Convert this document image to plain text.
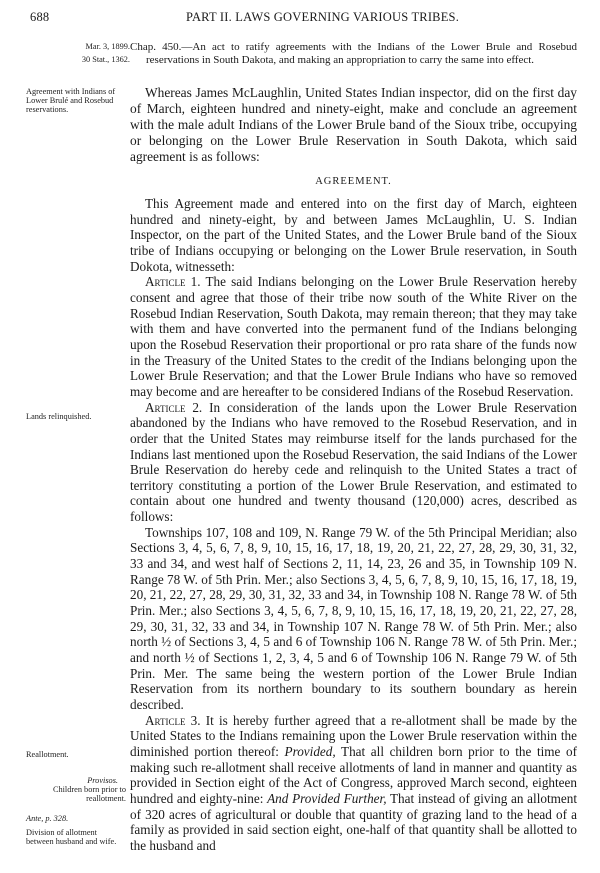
688	PART II. LAWS GOVERNING VARIOUS TRIBES.
Mar. 3, 1899.
30 Stat., 1362.
Agreement with Indians of Lower Brulé and Rosebud reservations.
Lands relinquished.
Reallotment.
Provisos.
Children born prior to reallotment.
Ante, p. 328.
Division of allotment between husband and wife.

Chap. 450.—An act to ratify agreements with the Indians of the Lower Brule and Rosebud reservations in South Dakota, and making an appropriation to carry the same into effect.

Whereas James McLaughlin, United States Indian inspector, did on the first day of March, eighteen hundred and ninety-eight, make and conclude an agreement with the male adult Indians of the Lower Brule band of the Sioux tribe, occupying or belonging on the Lower Brule Reservation in South Dakota, which said agreement is as follows:

AGREEMENT.

This Agreement made and entered into on the first day of March, eighteen hundred and ninety-eight, by and between James McLaughlin, U. S. Indian Inspector, on the part of the United States, and the Lower Brule band of the Sioux tribe of Indians occupying or belonging on the Lower Brule reservation, in South Dokota, witnesseth:

Article 1. The said Indians belonging on the Lower Brule Reservation hereby consent and agree that those of their tribe now south of the White River on the Rosebud Indian Reservation, South Dakota, may remain thereon; that they may take with them and have converted into the permanent fund of the Indians belonging upon the Rosebud Reservation their proportional or pro rata share of the funds now in the Treasury of the United States to the credit of the Indians belonging upon the Lower Brule Reservation; and that the Lower Brule Indians who have so removed may become and are hereafter to be considered Indians of the Rosebud Reservation.

Article 2. In consideration of the lands upon the Lower Brule Reservation abandoned by the Indians who have removed to the Rosebud Reservation, and in order that the United States may reimburse itself for the lands purchased for the Indians last mentioned upon the Rosebud Reservation, the said Indians of the Lower Brule Reservation do hereby cede and relinquish to the United States a tract of territory constituting a portion of the Lower Brule Reservation, and estimated to contain about one hundred and twenty thousand (120,000) acres, described as follows:

Townships 107, 108 and 109, N. Range 79 W. of the 5th Principal Meridian; also Sections 3, 4, 5, 6, 7, 8, 9, 10, 15, 16, 17, 18, 19, 20, 21, 22, 27, 28, 29, 30, 31, 32, 33 and 34, and west half of Sections 2, 11, 14, 23, 26 and 35, in Township 109 N. Range 78 W. of 5th Prin. Mer.; also Sections 3, 4, 5, 6, 7, 8, 9, 10, 15, 16, 17, 18, 19, 20, 21, 22, 27, 28, 29, 30, 31, 32, 33 and 34, in Township 108 N. Range 78 W. of 5th Prin. Mer.; also Sections 3, 4, 5, 6, 7, 8, 9, 10, 15, 16, 17, 18, 19, 20, 21, 22, 27, 28, 29, 30, 31, 32, 33 and 34, in Township 107 N. Range 78 W. of 5th Prin. Mer.; also north ½ of Sections 3, 4, 5 and 6 of Township 106 N. Range 78 W. of 5th Prin. Mer.; and north ½ of Sections 1, 2, 3, 4, 5 and 6 of Township 106 N. Range 79 W. of 5th Prin. Mer. The same being the western portion of the Lower Brule Indian Reservation from its northern boundary to its southern boundary as herein described.

Article 3. It is hereby further agreed that a re-allotment shall be made by the United States to the Indians remaining upon the Lower Brule reservation within the diminished portion thereof: Provided, That all children born prior to the time of making such re-allotment shall receive allotments of land in manner and quantity as provided in Section eight of the Act of Congress, approved March second, eighteen hundred and eighty-nine: And Provided Further, That instead of giving an allotment of 320 acres of agricultural or double that quantity of grazing land to the head of a family as provided in said section eight, one-half of that quantity shall be allotted to the husband and
